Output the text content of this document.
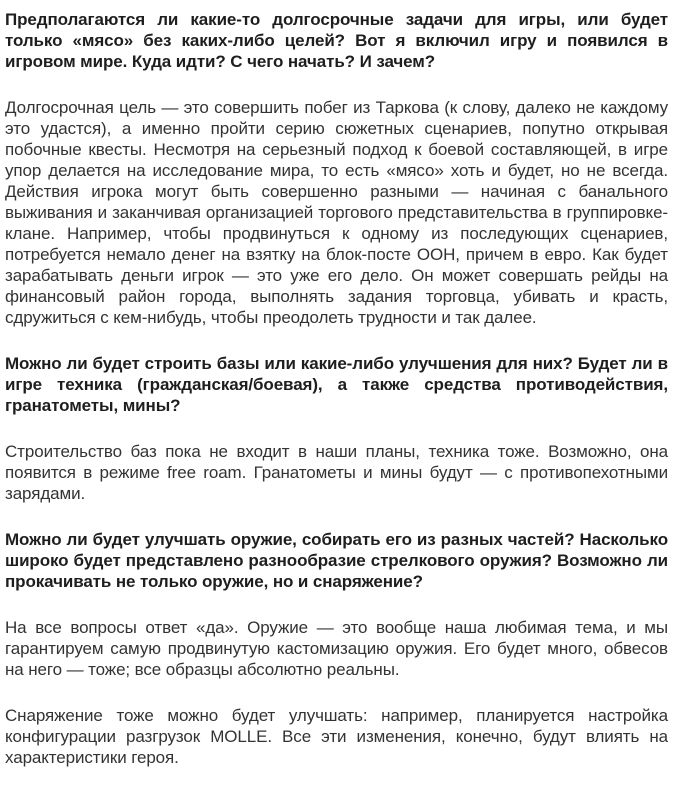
Предполагаются ли какие-то долгосрочные задачи для игры, или будет только «мясо» без каких-либо целей? Вот я включил игру и появился в игровом мире. Куда идти? С чего начать? И зачем?

Долгосрочная цель — это совершить побег из Таркова (к слову, далеко не каждому это удастся), а именно пройти серию сюжетных сценариев, попутно открывая побочные квесты. Несмотря на серьезный подход к боевой составляющей, в игре упор делается на исследование мира, то есть «мясо» хоть и будет, но не всегда. Действия игрока могут быть совершенно разными — начиная с банального выживания и заканчивая организацией торгового представительства в группировке-клане. Например, чтобы продвинуться к одному из последующих сценариев, потребуется немало денег на взятку на блок-посте ООН, причем в евро. Как будет зарабатывать деньги игрок — это уже его дело. Он может совершать рейды на финансовый район города, выполнять задания торговца, убивать и красть, сдружиться с кем-нибудь, чтобы преодолеть трудности и так далее.

Можно ли будет строить базы или какие-либо улучшения для них? Будет ли в игре техника (гражданская/боевая), а также средства противодействия, гранатометы, мины?

Строительство баз пока не входит в наши планы, техника тоже. Возможно, она появится в режиме free roam. Гранатометы и мины будут — с противопехотными зарядами.

Можно ли будет улучшать оружие, собирать его из разных частей? Насколько широко будет представлено разнообразие стрелкового оружия? Возможно ли прокачивать не только оружие, но и снаряжение?

На все вопросы ответ «да». Оружие — это вообще наша любимая тема, и мы гарантируем самую продвинутую кастомизацию оружия. Его будет много, обвесов на него — тоже; все образцы абсолютно реальны.

Снаряжение тоже можно будет улучшать: например, планируется настройка конфигурации разгрузок MOLLE. Все эти изменения, конечно, будут влиять на характеристики героя.
